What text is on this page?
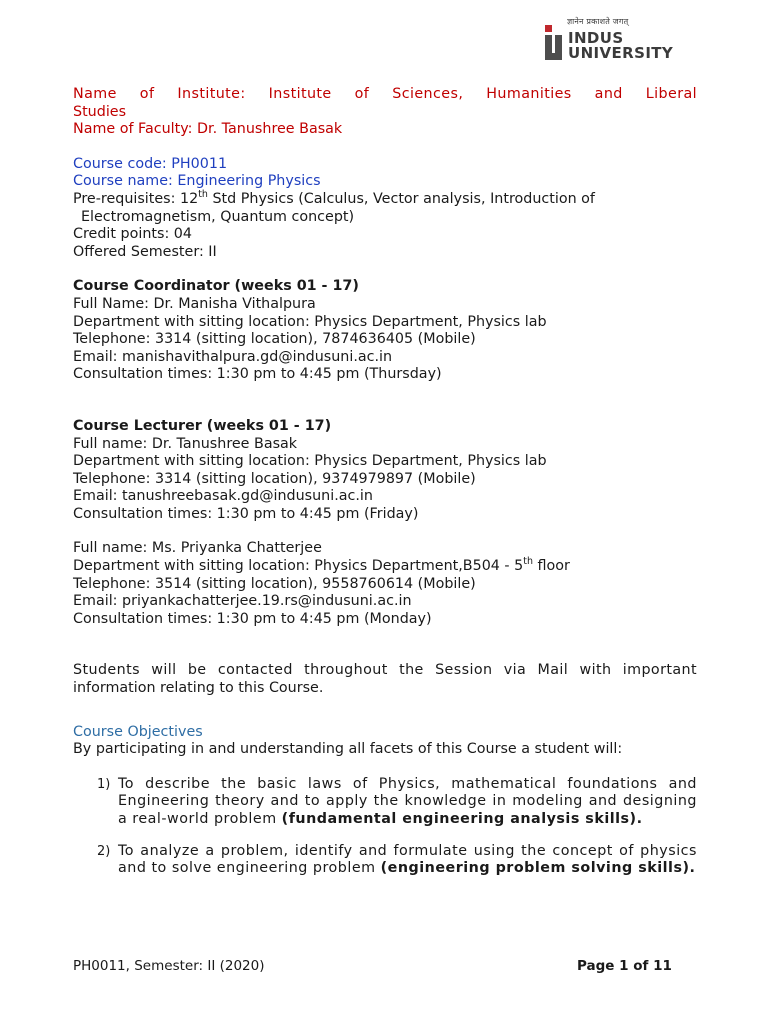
ज्ञानेन प्रकाशते जगत्
INDUS
UNIVERSITY
Name of Institute: Institute of Sciences, Humanities and Liberal
Studies
Name of Faculty: Dr. Tanushree Basak
Course code: PH0011
Course name: Engineering Physics
Pre-requisites: 12th Std Physics (Calculus, Vector analysis, Introduction of
Electromagnetism, Quantum concept)
Credit points: 04
Offered Semester: II
Course Coordinator (weeks 01 - 17)
Full Name: Dr. Manisha Vithalpura
Department with sitting location: Physics Department, Physics lab
Telephone: 3314 (sitting location), 7874636405 (Mobile)
Email: manishavithalpura.gd@indusuni.ac.in
Consultation times: 1:30 pm to 4:45 pm (Thursday)
Course Lecturer (weeks 01 - 17)
Full name: Dr. Tanushree Basak
Department with sitting location: Physics Department, Physics lab
Telephone: 3314 (sitting location), 9374979897 (Mobile)
Email: tanushreebasak.gd@indusuni.ac.in
Consultation times: 1:30 pm to 4:45 pm (Friday)
Full name: Ms. Priyanka Chatterjee
Department with sitting location: Physics Department,B504 - 5th floor
Telephone: 3514 (sitting location), 9558760614 (Mobile)
Email: priyankachatterjee.19.rs@indusuni.ac.in
Consultation times: 1:30 pm to 4:45 pm (Monday)
Students will be contacted throughout the Session via Mail with important
information relating to this Course.
Course Objectives
By participating in and understanding all facets of this Course a student will:
1) To describe the basic laws of Physics, mathematical foundations and Engineering theory and to apply the knowledge in modeling and designing a real-world problem (fundamental engineering analysis skills).
2) To analyze a problem, identify and formulate using the concept of physics and to solve engineering problem (engineering problem solving skills).
PH0011, Semester: II (2020)	Page 1 of 11
